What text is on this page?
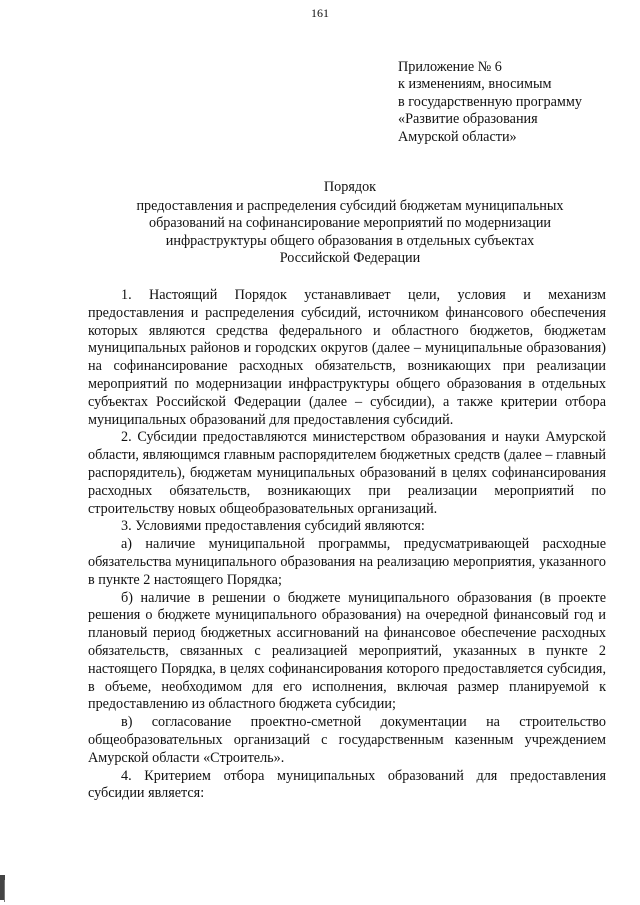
161
Приложение № 6
к изменениям, вносимым
в государственную программу
«Развитие образования
Амурской области»
Порядок
предоставления и распределения субсидий бюджетам муниципальных
образований на софинансирование мероприятий по модернизации
инфраструктуры общего образования в отдельных субъектах
Российской Федерации

1. Настоящий Порядок устанавливает цели, условия и механизм предоставления и распределения субсидий, источником финансового обеспечения которых являются средства федерального и областного бюджетов, бюджетам муниципальных районов и городских округов (далее – муниципальные образования) на софинансирование расходных обязательств, возникающих при реализации мероприятий по модернизации инфраструктуры общего образования в отдельных субъектах Российской Федерации (далее – субсидии), а также критерии отбора муниципальных образований для предоставления субсидий.

2. Субсидии предоставляются министерством образования и науки Амурской области, являющимся главным распорядителем бюджетных средств (далее – главный распорядитель), бюджетам муниципальных образований в целях софинансирования расходных обязательств, возникающих при реализации мероприятий по строительству новых общеобразовательных организаций.

3. Условиями предоставления субсидий являются:

а) наличие муниципальной программы, предусматривающей расходные обязательства муниципального образования на реализацию мероприятия, указанного в пункте 2 настоящего Порядка;

б) наличие в решении о бюджете муниципального образования (в проекте решения о бюджете муниципального образования) на очередной финансовый год и плановый период бюджетных ассигнований на финансовое обеспечение расходных обязательств, связанных с реализацией мероприятий, указанных в пункте 2 настоящего Порядка, в целях софинансирования которого предоставляется субсидия, в объеме, необходимом для его исполнения, включая размер планируемой к предоставлению из областного бюджета субсидии;

в) согласование проектно-сметной документации на строительство общеобразовательных организаций с государственным казенным учреждением Амурской области «Строитель».

4. Критерием отбора муниципальных образований для предоставления субсидии является:
